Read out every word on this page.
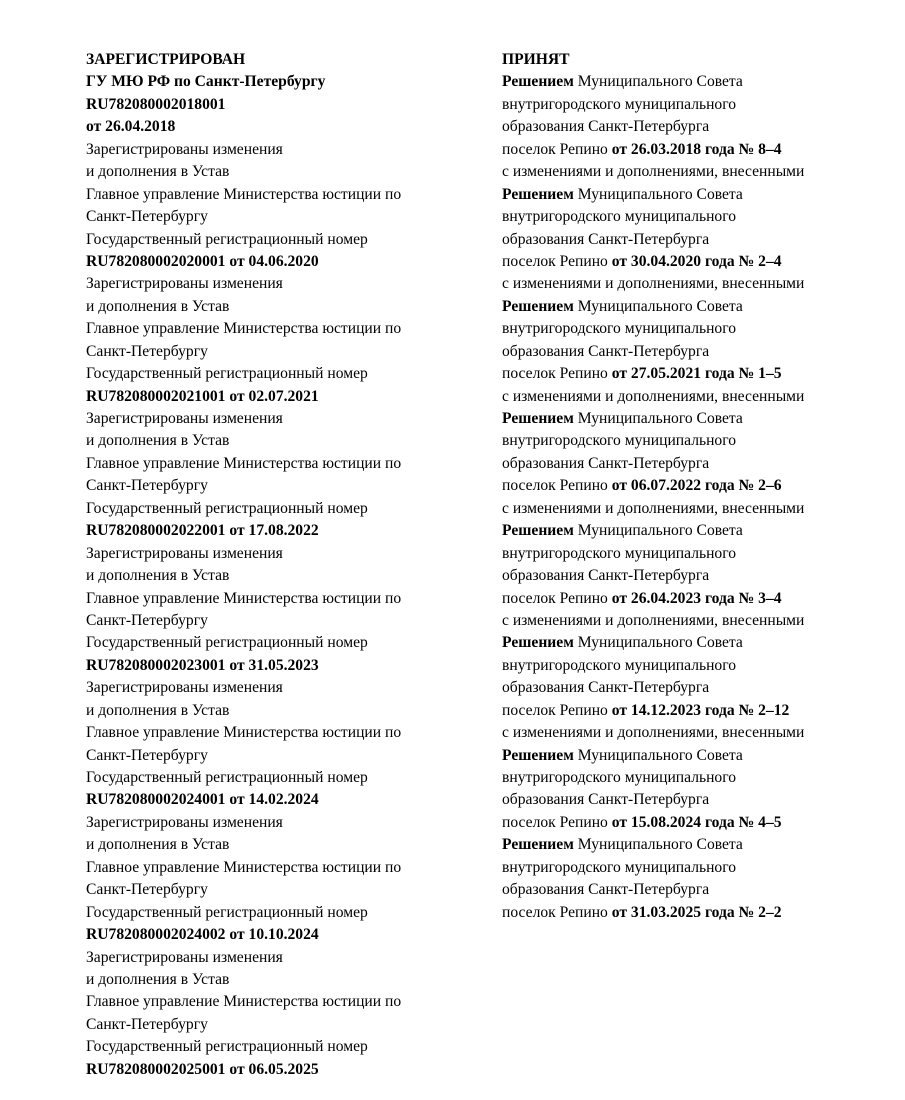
ЗАРЕГИСТРИРОВАН
ГУ МЮ РФ по Санкт-Петербургу
RU782080002018001
от 26.04.2018
Зарегистрированы изменения
и дополнения в Устав
Главное управление Министерства юстиции по
Санкт-Петербургу
Государственный регистрационный номер
RU782080002020001 от 04.06.2020
Зарегистрированы изменения
и дополнения в Устав
Главное управление Министерства юстиции по
Санкт-Петербургу
Государственный регистрационный номер
RU782080002021001 от 02.07.2021
Зарегистрированы изменения
и дополнения в Устав
Главное управление Министерства юстиции по
Санкт-Петербургу
Государственный регистрационный номер
RU782080002022001 от 17.08.2022
Зарегистрированы изменения
и дополнения в Устав
Главное управление Министерства юстиции по
Санкт-Петербургу
Государственный регистрационный номер
RU782080002023001 от 31.05.2023
Зарегистрированы изменения
и дополнения в Устав
Главное управление Министерства юстиции по
Санкт-Петербургу
Государственный регистрационный номер
RU782080002024001 от 14.02.2024
Зарегистрированы изменения
и дополнения в Устав
Главное управление Министерства юстиции по
Санкт-Петербургу
Государственный регистрационный номер
RU782080002024002 от 10.10.2024
Зарегистрированы изменения
и дополнения в Устав
Главное управление Министерства юстиции по
Санкт-Петербургу
Государственный регистрационный номер
RU782080002025001 от 06.05.2025
ПРИНЯТ
Решением Муниципального Совета
внутригородского муниципального
образования Санкт-Петербурга
поселок Репино от 26.03.2018 года № 8–4
с изменениями и дополнениями, внесенными
Решением Муниципального Совета
внутригородского муниципального
образования Санкт-Петербурга
поселок Репино от 30.04.2020 года № 2–4
с изменениями и дополнениями, внесенными
Решением Муниципального Совета
внутригородского муниципального
образования Санкт-Петербурга
поселок Репино от 27.05.2021 года № 1–5
с изменениями и дополнениями, внесенными
Решением Муниципального Совета
внутригородского муниципального
образования Санкт-Петербурга
поселок Репино от 06.07.2022 года № 2–6
с изменениями и дополнениями, внесенными
Решением Муниципального Совета
внутригородского муниципального
образования Санкт-Петербурга
поселок Репино от 26.04.2023 года № 3–4
с изменениями и дополнениями, внесенными
Решением Муниципального Совета
внутригородского муниципального
образования Санкт-Петербурга
поселок Репино от 14.12.2023 года № 2–12
с изменениями и дополнениями, внесенными
Решением Муниципального Совета
внутригородского муниципального
образования Санкт-Петербурга
поселок Репино от 15.08.2024 года № 4–5
Решением Муниципального Совета
внутригородского муниципального
образования Санкт-Петербурга
поселок Репино от 31.03.2025 года № 2–2
